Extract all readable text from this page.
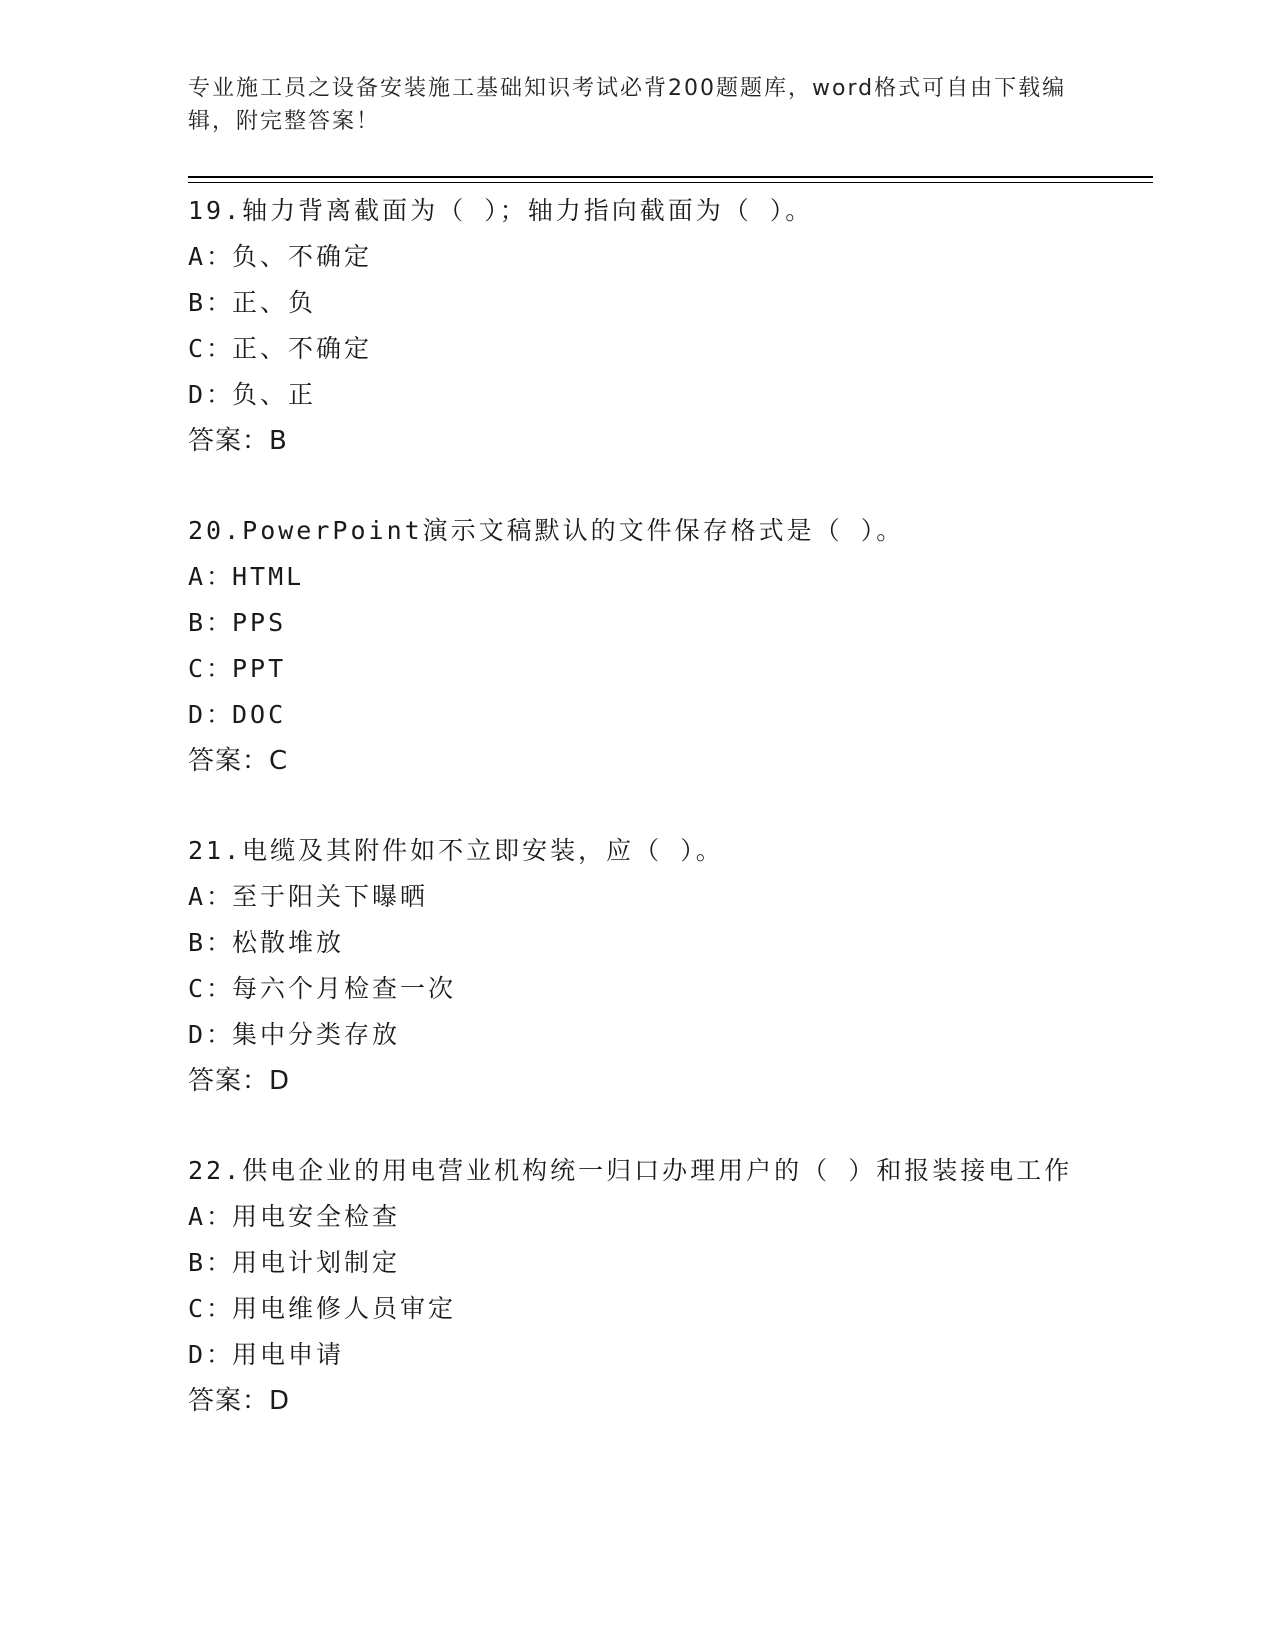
专业施工员之设备安装施工基础知识考试必背200题题库，word格式可自由下载编辑，附完整答案！

19.轴力背离截面为（ ）；轴力指向截面为（ ）。

A：负、不确定

B：正、负

C：正、不确定

D：负、正

答案：B

20.PowerPoint演示文稿默认的文件保存格式是（ ）。

A：HTML

B：PPS

C：PPT

D：DOC

答案：C

21.电缆及其附件如不立即安装，应（ ）。

A：至于阳关下曝晒

B：松散堆放

C：每六个月检查一次

D：集中分类存放

答案：D

22.供电企业的用电营业机构统一归口办理用户的（ ）和报装接电工作

A：用电安全检查

B：用电计划制定

C：用电维修人员审定

D：用电申请

答案：D
